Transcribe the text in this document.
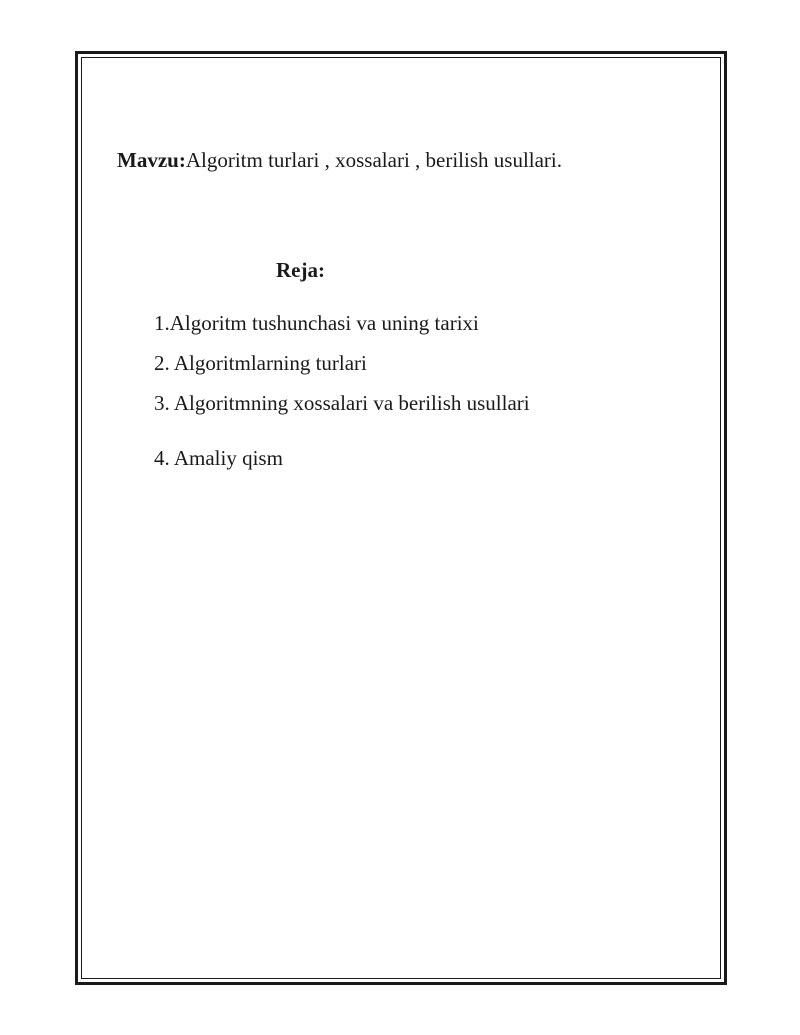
Mavzu:Algoritm turlari , xossalari , berilish usullari.
Reja:
1.Algoritm tushunchasi va uning tarixi
2. Algoritmlarning turlari
3. Algoritmning xossalari va berilish usullari
4. Amaliy qism
